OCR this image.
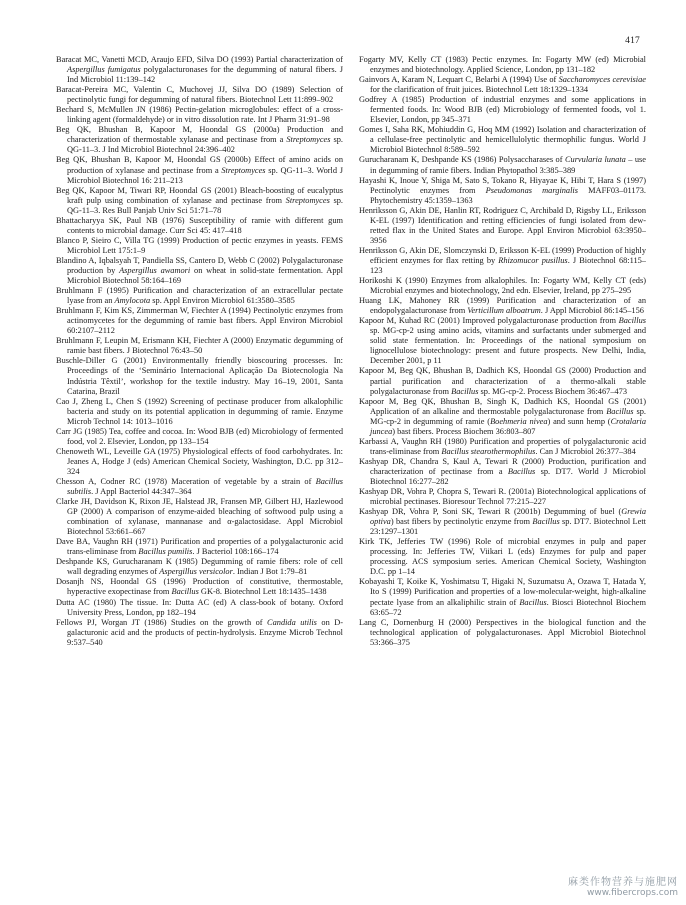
417
Baracat MC, Vanetti MCD, Araujo EFD, Silva DO (1993) Partial characterization of Aspergillus fumigatus polygalacturonases for the degumming of natural fibers. J Ind Microbiol 11:139–142
Baracat-Pereira MC, Valentin C, Muchovej JJ, Silva DO (1989) Selection of pectinolytic fungi for degumming of natural fibers. Biotechnol Lett 11:899–902
Bechard S, McMullen JN (1986) Pectin-gelation microglobules: effect of a cross-linking agent (formaldehyde) or in vitro dissolution rate. Int J Pharm 31:91–98
Beg QK, Bhushan B, Kapoor M, Hoondal GS (2000a) Production and characterization of thermostable xylanase and pectinase from a Streptomyces sp. QG-11–3. J Ind Microbiol Biotechnol 24:396–402
Beg QK, Bhushan B, Kapoor M, Hoondal GS (2000b) Effect of amino acids on production of xylanase and pectinase from a Streptomyces sp. QG-11–3. World J Microbiol Biotechnol 16: 211–213
Beg QK, Kapoor M, Tiwari RP, Hoondal GS (2001) Bleach-boosting of eucalyptus kraft pulp using combination of xylanase and pectinase from Streptomyces sp. QG-11–3. Res Bull Panjab Univ Sci 51:71–78
Bhattacharyya SK, Paul NB (1976) Susceptibility of ramie with different gum contents to microbial damage. Curr Sci 45: 417–418
Blanco P, Sieiro C, Villa TG (1999) Production of pectic enzymes in yeasts. FEMS Microbiol Lett 175:1–9
Blandino A, Iqbalsyah T, Pandiella SS, Cantero D, Webb C (2002) Polygalacturonase production by Aspergillus awamori on wheat in solid-state fermentation. Appl Microbiol Biotechnol 58:164–169
Bruhlmann F (1995) Purification and characterization of an extracellular pectate lyase from an Amylocota sp. Appl Environ Microbiol 61:3580–3585
Bruhlmann F, Kim KS, Zimmerman W, Fiechter A (1994) Pectinolytic enzymes from actinomycetes for the degumming of ramie bast fibers. Appl Environ Microbiol 60:2107–2112
Bruhlmann F, Leupin M, Erismann KH, Fiechter A (2000) Enzymatic degumming of ramie bast fibers. J Biotechnol 76:43–50
Buschle-Diller G (2001) Environmentally friendly bioscouring processes. In: Proceedings of the ‘Seminário Internacional Aplicação Da Biotecnologia Na Indústria Têxtil’, workshop for the textile industry. May 16–19, 2001, Santa Catarina, Brazil
Cao J, Zheng L, Chen S (1992) Screening of pectinase producer from alkalophilic bacteria and study on its potential application in degumming of ramie. Enzyme Microb Technol 14: 1013–1016
Carr JG (1985) Tea, coffee and cocoa. In: Wood BJB (ed) Microbiology of fermented food, vol 2. Elsevier, London, pp 133–154
Chenoweth WL, Leveille GA (1975) Physiological effects of food carbohydrates. In: Jeanes A, Hodge J (eds) American Chemical Society, Washington, D.C. pp 312–324
Chesson A, Codner RC (1978) Maceration of vegetable by a strain of Bacillus subtilis. J Appl Bacteriol 44:347–364
Clarke JH, Davidson K, Rixon JE, Halstead JR, Fransen MP, Gilbert HJ, Hazlewood GP (2000) A comparison of enzyme-aided bleaching of softwood pulp using a combination of xylanase, mannanase and α-galactosidase. Appl Microbiol Biotechnol 53:661–667
Dave BA, Vaughn RH (1971) Purification and properties of a polygalacturonic acid trans-eliminase from Bacillus pumilis. J Bacteriol 108:166–174
Deshpande KS, Gurucharanam K (1985) Degumming of ramie fibers: role of cell wall degrading enzymes of Aspergillus versicolor. Indian J Bot 1:79–81
Dosanjh NS, Hoondal GS (1996) Production of constitutive, thermostable, hyperactive exopectinase from Bacillus GK-8. Biotechnol Lett 18:1435–1438
Dutta AC (1980) The tissue. In: Dutta AC (ed) A class-book of botany. Oxford University Press, London, pp 182–194
Fellows PJ, Worgan JT (1986) Studies on the growth of Candida utilis on D-galacturonic acid and the products of pectin-hydrolysis. Enzyme Microb Technol 9:537–540
Fogarty MV, Kelly CT (1983) Pectic enzymes. In: Fogarty MW (ed) Microbial enzymes and biotechnology. Applied Science, London, pp 131–182
Gainvors A, Karam N, Lequart C, Belarbi A (1994) Use of Saccharomyces cerevisiae for the clarification of fruit juices. Biotechnol Lett 18:1329–1334
Godfrey A (1985) Production of industrial enzymes and some applications in fermented foods. In: Wood BJB (ed) Microbiology of fermented foods, vol 1. Elsevier, London, pp 345–371
Gomes I, Saha RK, Mohiuddin G, Hoq MM (1992) Isolation and characterization of a cellulase-free pectinolytic and hemicellulolytic thermophilic fungus. World J Microbiol Biotechnol 8:589–592
Gurucharanam K, Deshpande KS (1986) Polysaccharases of Curvularia lunata – use in degumming of ramie fibers. Indian Phytopathol 3:385–389
Hayashi K, Inoue Y, Shiga M, Sato S, Tokano R, Hiyayae K, Hibi T, Hara S (1997) Pectinolytic enzymes from Pseudomonas marginalis MAFF03–01173. Phytochemistry 45:1359–1363
Henriksson G, Akin DE, Hanlin RT, Rodriguez C, Archibald D, Rigsby LL, Eriksson K-EL (1997) Identification and retting efficiencies of fungi isolated from dew-retted flax in the United States and Europe. Appl Environ Microbiol 63:3950–3956
Henriksson G, Akin DE, Slomczynski D, Eriksson K-EL (1999) Production of highly efficient enzymes for flax retting by Rhizomucor pusillus. J Biotechnol 68:115–123
Horikoshi K (1990) Enzymes from alkalophiles. In: Fogarty WM, Kelly CT (eds) Microbial enzymes and biotechnology, 2nd edn. Elsevier, Ireland, pp 275–295
Huang LK, Mahoney RR (1999) Purification and characterization of an endopolygalacturonase from Verticillum alboatrum. J Appl Microbiol 86:145–156
Kapoor M, Kuhad RC (2001) Improved polygalacturonase production from Bacillus sp. MG-cp-2 using amino acids, vitamins and surfactants under submerged and solid state fermentation. In: Proceedings of the national symposium on lignocellulose biotechnology: present and future prospects. New Delhi, India, December 2001, p 11
Kapoor M, Beg QK, Bhushan B, Dadhich KS, Hoondal GS (2000) Production and partial purification and characterization of a thermo-alkali stable polygalacturonase from Bacillus sp. MG-cp-2. Process Biochem 36:467–473
Kapoor M, Beg QK, Bhushan B, Singh K, Dadhich KS, Hoondal GS (2001) Application of an alkaline and thermostable polygalacturonase from Bacillus sp. MG-cp-2 in degumming of ramie (Boehmeria nivea) and sunn hemp (Crotalaria juncea) bast fibers. Process Biochem 36:803–807
Karbassi A, Vaughn RH (1980) Purification and properties of polygalacturonic acid trans-eliminase from Bacillus stearothermophilus. Can J Microbiol 26:377–384
Kashyap DR, Chandra S, Kaul A, Tewari R (2000) Production, purification and characterization of pectinase from a Bacillus sp. DT7. World J Microbiol Biotechnol 16:277–282
Kashyap DR, Vohra P, Chopra S, Tewari R. (2001a) Biotechnological applications of microbial pectinases. Bioresour Technol 77:215–227
Kashyap DR, Vohra P, Soni SK, Tewari R (2001b) Degumming of buel (Grewia optiva) bast fibers by pectinolytic enzyme from Bacillus sp. DT7. Biotechnol Lett 23:1297–1301
Kirk TK, Jefferies TW (1996) Role of microbial enzymes in pulp and paper processing. In: Jefferies TW, Viikari L (eds) Enzymes for pulp and paper processing. ACS symposium series. American Chemical Society, Washington D.C. pp 1–14
Kobayashi T, Koike K, Yoshimatsu T, Higaki N, Suzumatsu A, Ozawa T, Hatada Y, Ito S (1999) Purification and properties of a low-molecular-weight, high-alkaline pectate lyase from an alkaliphilic strain of Bacillus. Biosci Biotechnol Biochem 63:65–72
Lang C, Dornenburg H (2000) Perspectives in the biological function and the technological application of polygalacturonases. Appl Microbiol Biotechnol 53:366–375
麻类作物营养与施肥网
www.fibercrops.com
